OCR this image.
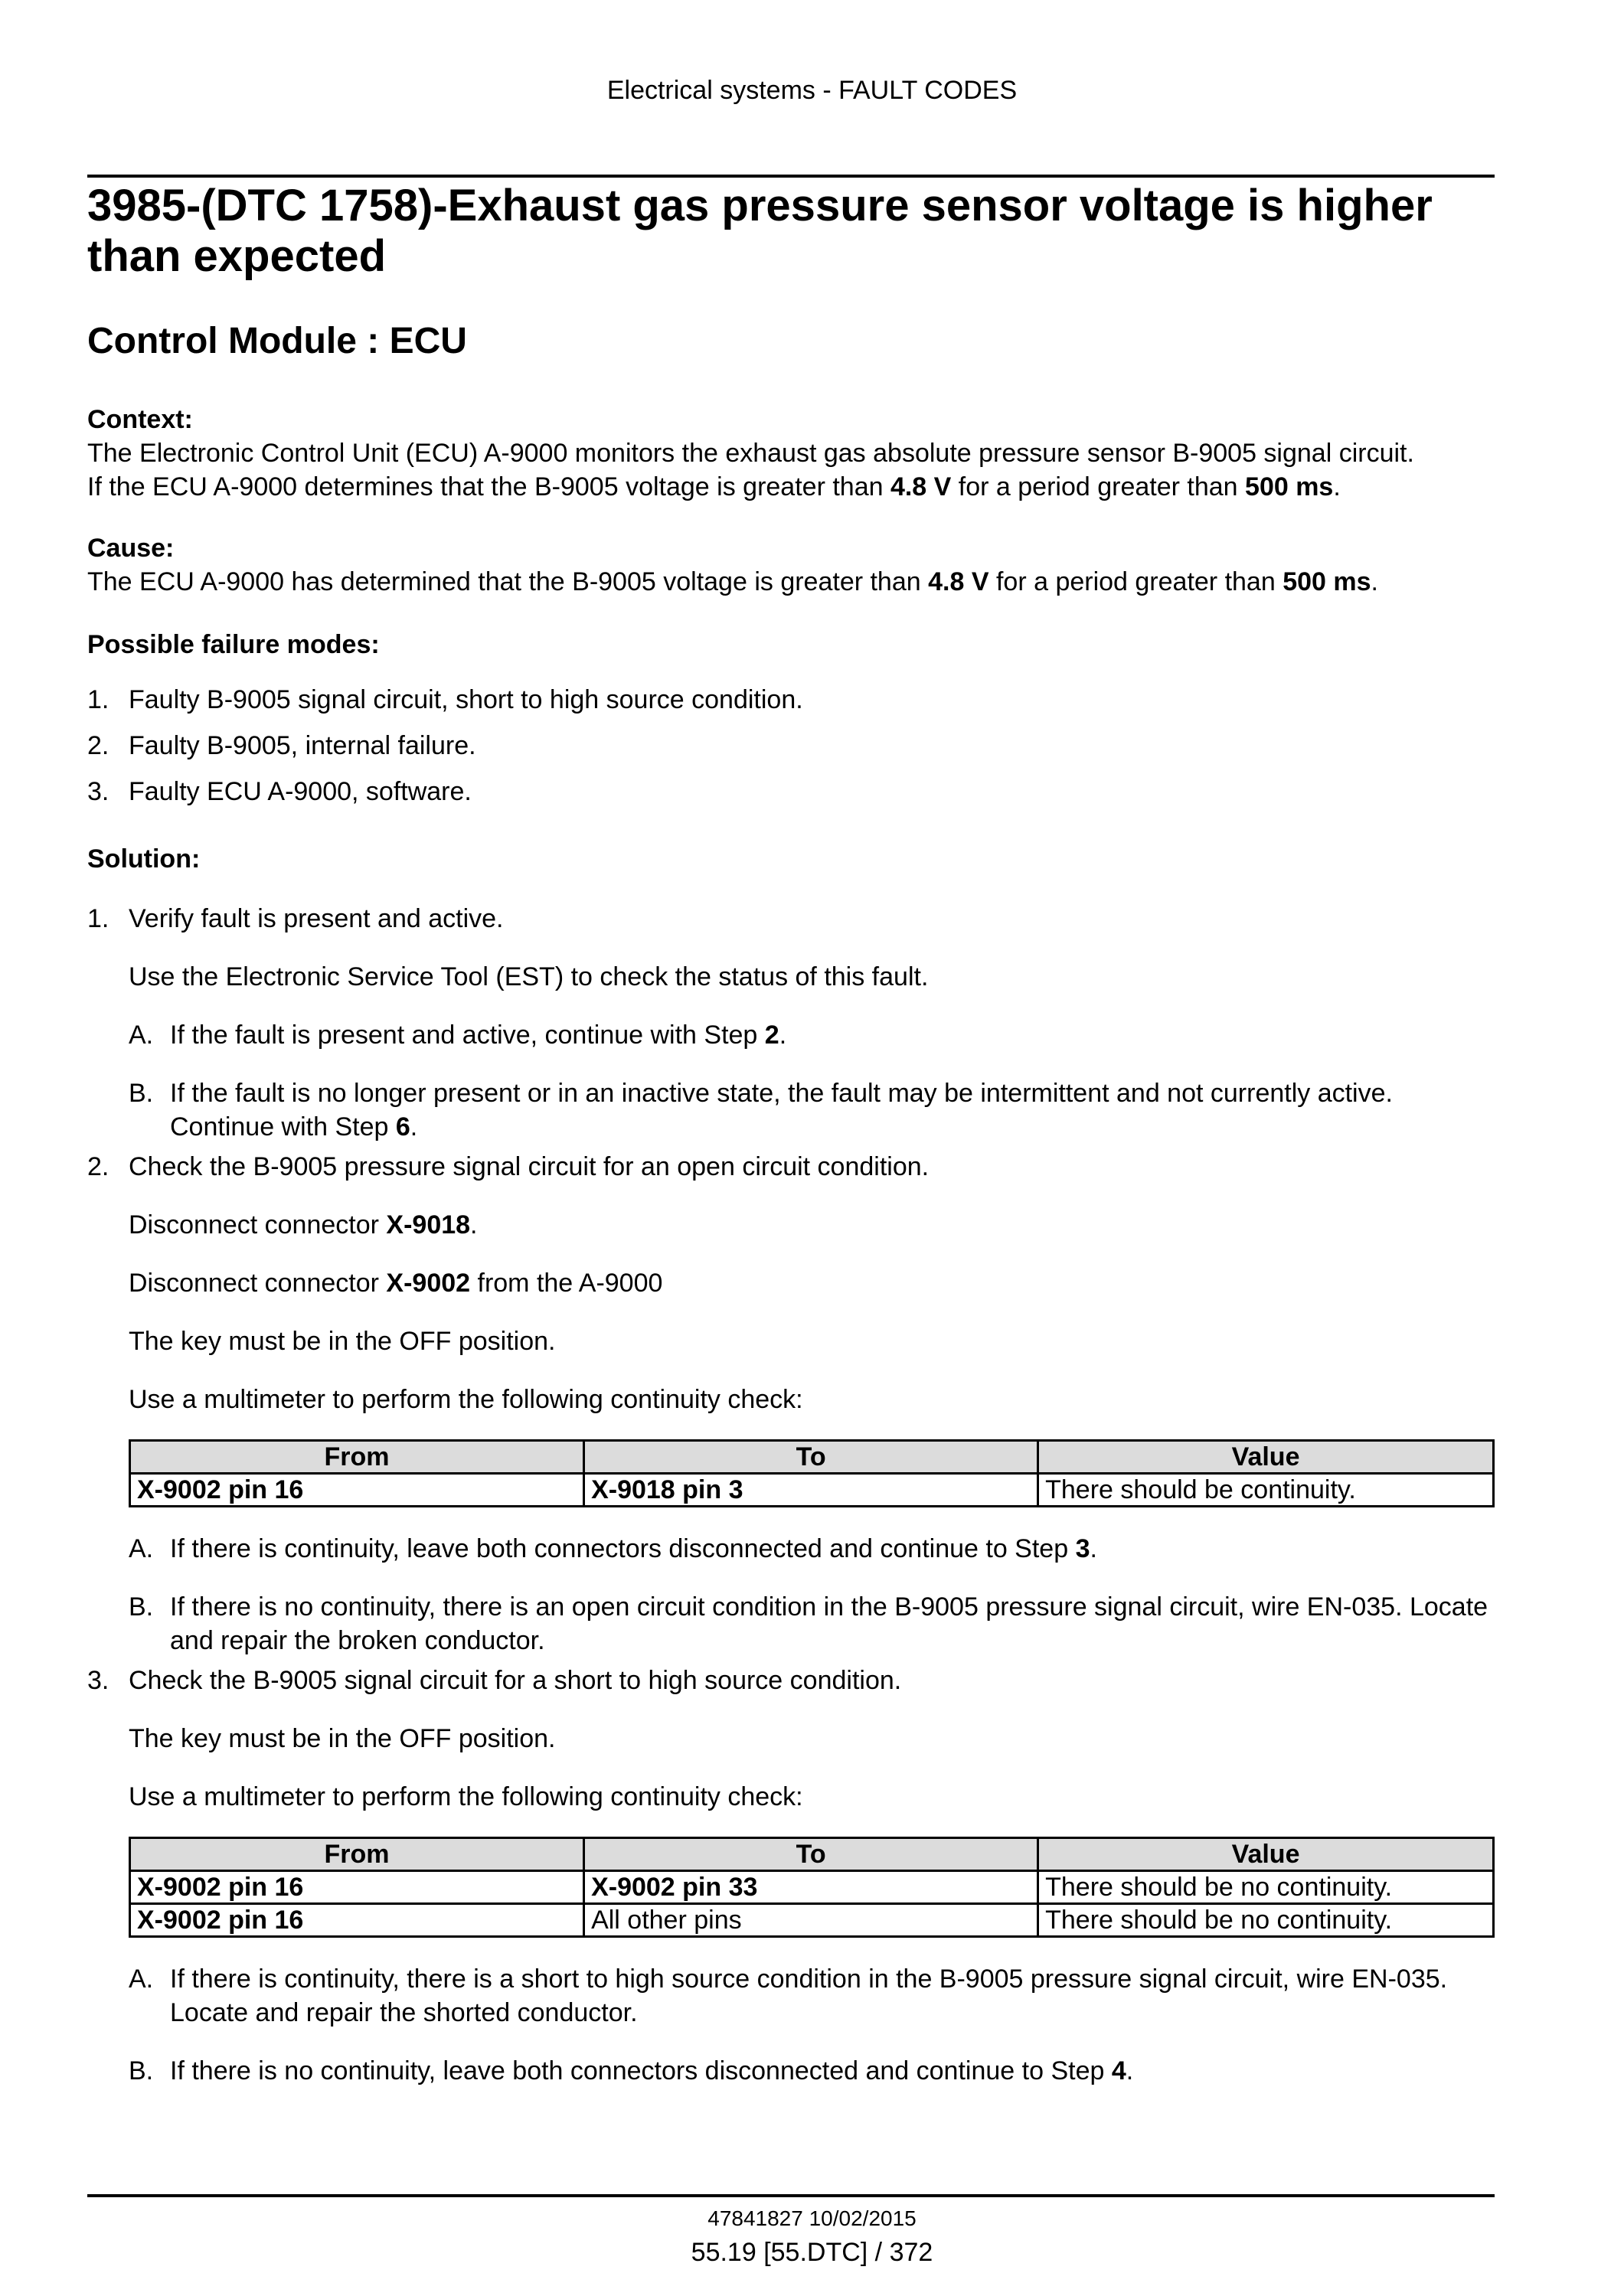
Electrical systems - FAULT CODES
3985-(DTC 1758)-Exhaust gas pressure sensor voltage is higher than expected
Control Module : ECU
Context:
The Electronic Control Unit (ECU) A-9000 monitors the exhaust gas absolute pressure sensor B-9005 signal circuit.
If the ECU A-9000 determines that the B-9005 voltage is greater than 4.8 V for a period greater than 500 ms.
Cause:
The ECU A-9000 has determined that the B-9005 voltage is greater than 4.8 V for a period greater than 500 ms.
Possible failure modes:
1. Faulty B-9005 signal circuit, short to high source condition.
2. Faulty B-9005, internal failure.
3. Faulty ECU A-9000, software.
Solution:
1. Verify fault is present and active.
Use the Electronic Service Tool (EST) to check the status of this fault.
A. If the fault is present and active, continue with Step 2.
B. If the fault is no longer present or in an inactive state, the fault may be intermittent and not currently active. Continue with Step 6.
2. Check the B-9005 pressure signal circuit for an open circuit condition.
Disconnect connector X-9018.
Disconnect connector X-9002 from the A-9000
The key must be in the OFF position.
Use a multimeter to perform the following continuity check:
From	To	Value
X-9002 pin 16	X-9018 pin 3	There should be continuity.
A. If there is continuity, leave both connectors disconnected and continue to Step 3.
B. If there is no continuity, there is an open circuit condition in the B-9005 pressure signal circuit, wire EN-035. Locate and repair the broken conductor.
3. Check the B-9005 signal circuit for a short to high source condition.
The key must be in the OFF position.
Use a multimeter to perform the following continuity check:
From	To	Value
X-9002 pin 16	X-9002 pin 33	There should be no continuity.
X-9002 pin 16	All other pins	There should be no continuity.
A. If there is continuity, there is a short to high source condition in the B-9005 pressure signal circuit, wire EN-035. Locate and repair the shorted conductor.
B. If there is no continuity, leave both connectors disconnected and continue to Step 4.
47841827 10/02/2015
55.19 [55.DTC] / 372
